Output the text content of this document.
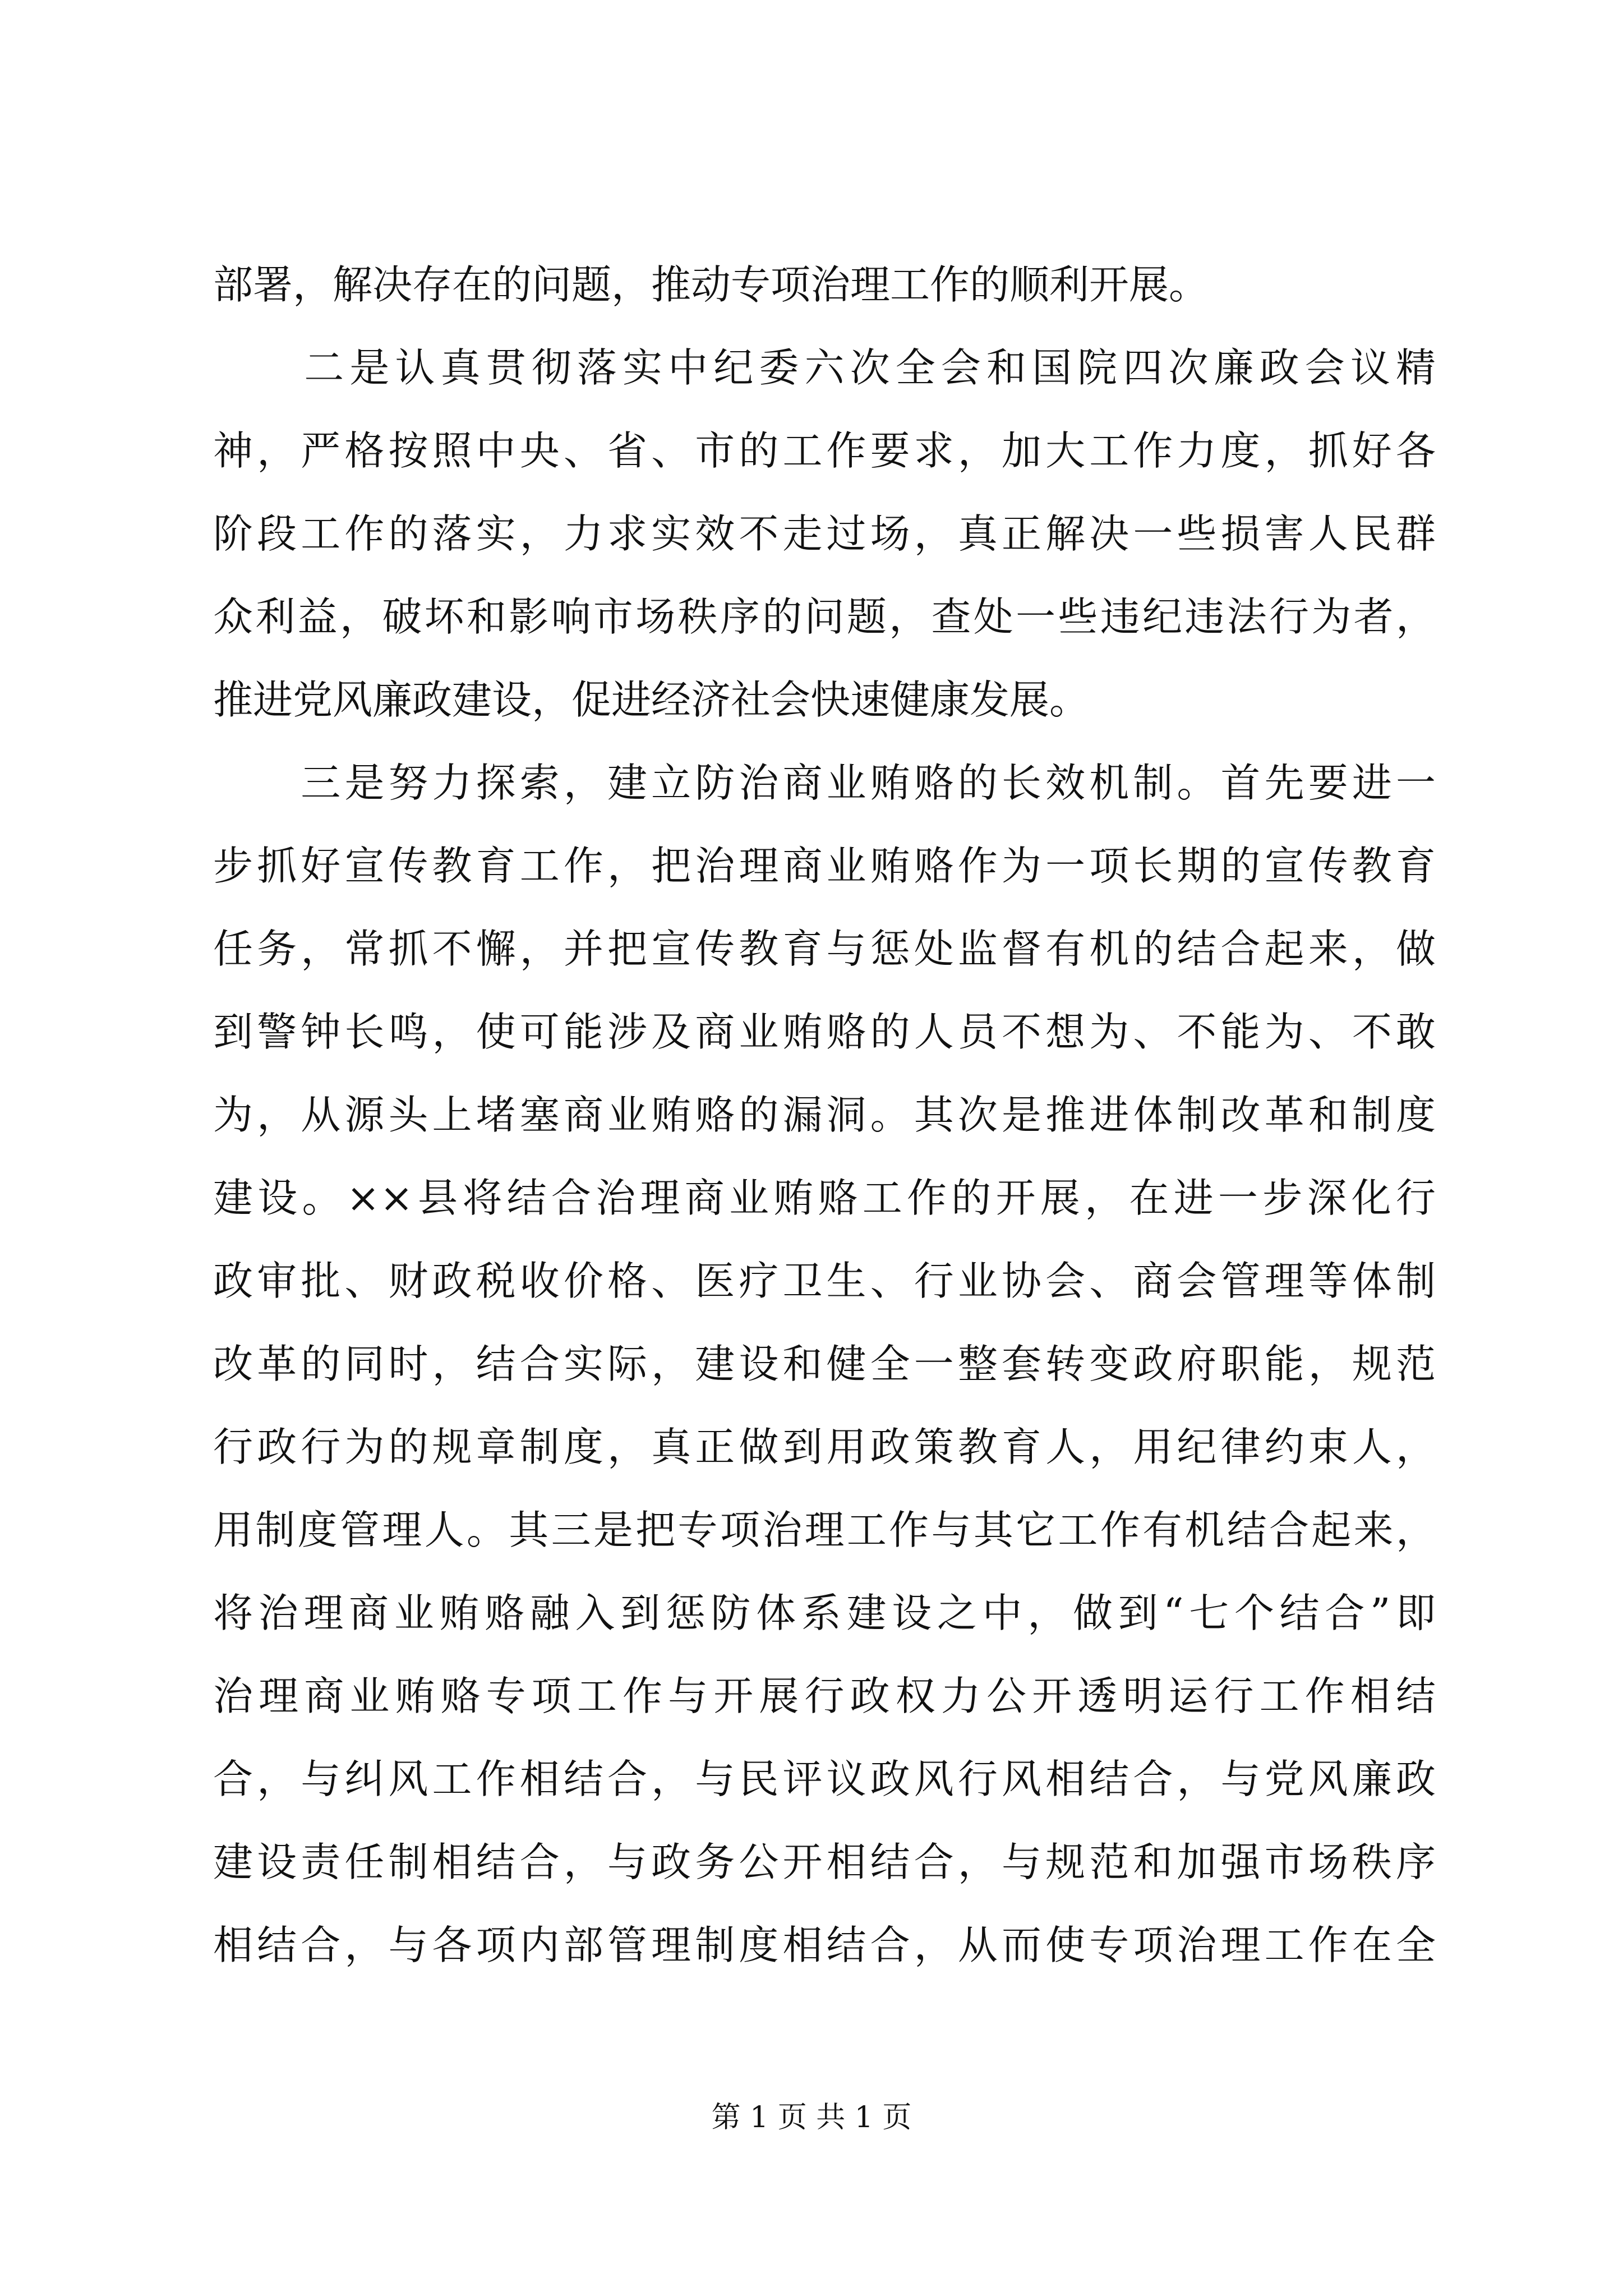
部署，解决存在的问题，推动专项治理工作的顺利开展。
　　二是认真贯彻落实中纪委六次全会和国院四次廉政会议精
神，严格按照中央、省、市的工作要求，加大工作力度，抓好各
阶段工作的落实，力求实效不走过场，真正解决一些损害人民群
众利益，破坏和影响市场秩序的问题，查处一些违纪违法行为者，
推进党风廉政建设，促进经济社会快速健康发展。
　　三是努力探索，建立防治商业贿赂的长效机制。首先要进一
步抓好宣传教育工作，把治理商业贿赂作为一项长期的宣传教育
任务，常抓不懈，并把宣传教育与惩处监督有机的结合起来，做
到警钟长鸣，使可能涉及商业贿赂的人员不想为、不能为、不敢
为，从源头上堵塞商业贿赂的漏洞。其次是推进体制改革和制度
建设。××县将结合治理商业贿赂工作的开展，在进一步深化行
政审批、财政税收价格、医疗卫生、行业协会、商会管理等体制
改革的同时，结合实际，建设和健全一整套转变政府职能，规范
行政行为的规章制度，真正做到用政策教育人，用纪律约束人，
用制度管理人。其三是把专项治理工作与其它工作有机结合起来，
将治理商业贿赂融入到惩防体系建设之中，做到“七个结合”即
治理商业贿赂专项工作与开展行政权力公开透明运行工作相结
合，与纠风工作相结合，与民评议政风行风相结合，与党风廉政
建设责任制相结合，与政务公开相结合，与规范和加强市场秩序
相结合，与各项内部管理制度相结合，从而使专项治理工作在全
第 1 页 共 1 页
